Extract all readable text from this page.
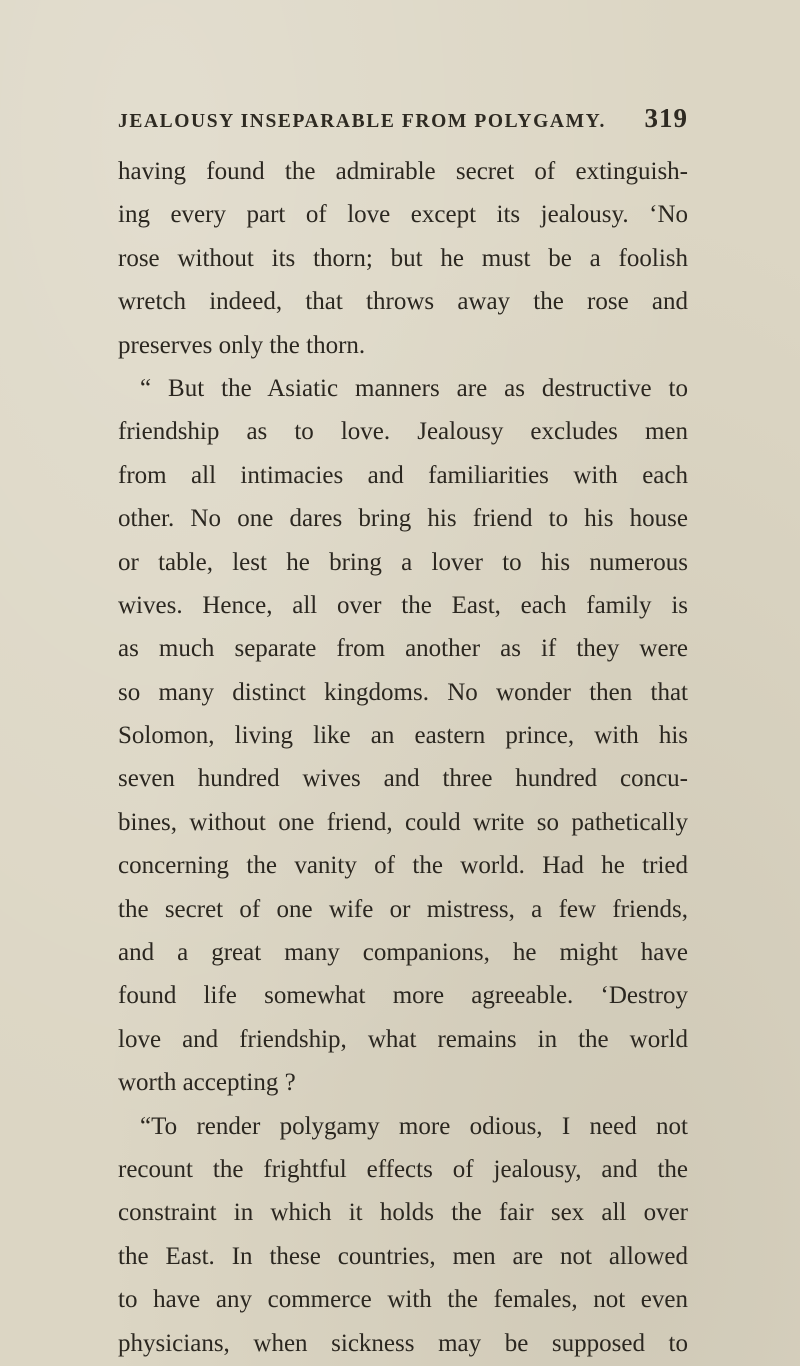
JEALOUSY INSEPARABLE FROM POLYGAMY. 319
having found the admirable secret of extinguish-
ing every part of love except its jealousy. ‘No
rose without its thorn; but he must be a foolish
wretch indeed, that throws away the rose and
preserves only the thorn.
“ But the Asiatic manners are as destructive to
friendship as to love. Jealousy excludes men
from all intimacies and familiarities with each
other. No one dares bring his friend to his house
or table, lest he bring a lover to his numerous
wives. Hence, all over the East, each family is
as much separate from another as if they were
so many distinct kingdoms. No wonder then that
Solomon, living like an eastern prince, with his
seven hundred wives and three hundred concu-
bines, without one friend, could write so pathetically
concerning the vanity of the world. Had he tried
the secret of one wife or mistress, a few friends,
and a great many companions, he might have
found life somewhat more agreeable. ‘Destroy
love and friendship, what remains in the world
worth accepting ?
“To render polygamy more odious, I need not
recount the frightful effects of jealousy, and the
constraint in which it holds the fair sex all over
the East. In these countries, men are not allowed
to have any commerce with the females, not even
physicians, when sickness may be supposed to
